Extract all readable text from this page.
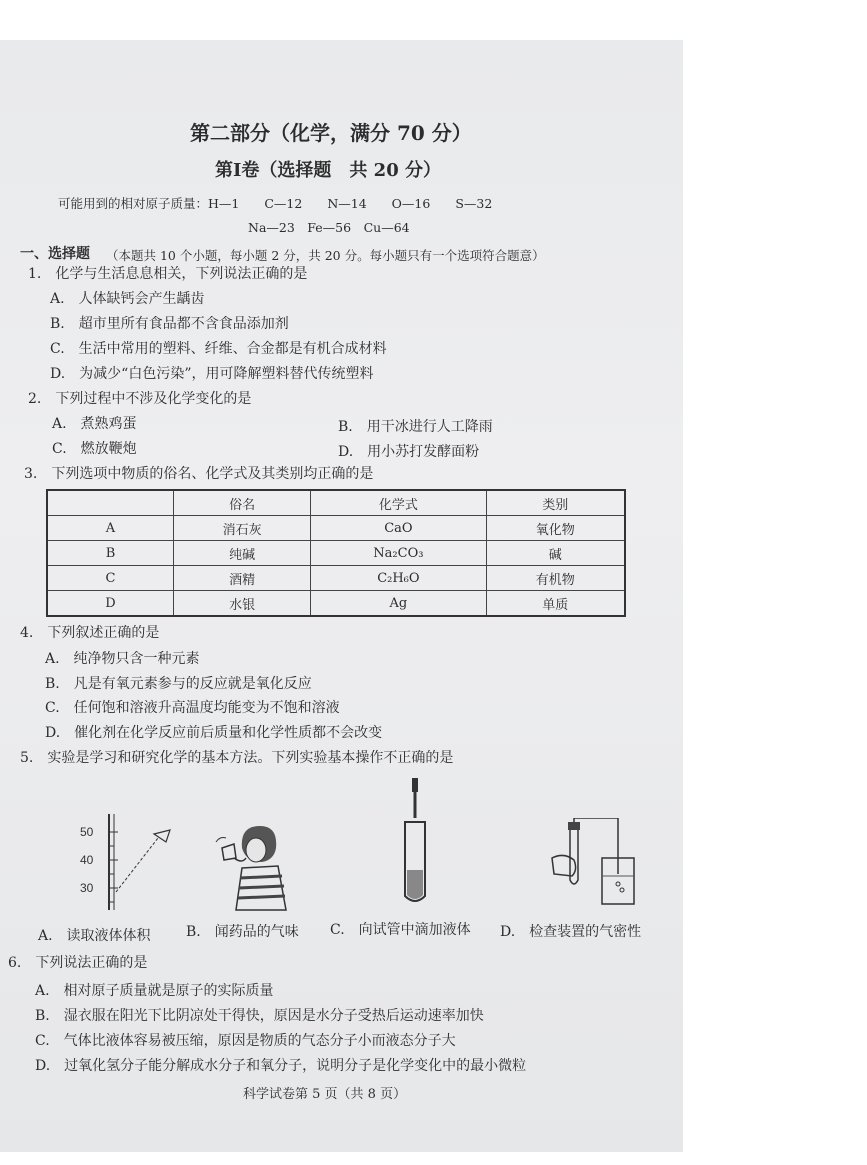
第二部分（化学，满分 70 分）
第Ⅰ卷（选择题　共 20 分）
可能用到的相对原子质量：H—1　　C—12　　N—14　　O—16　　S—32
Na—23　Fe—56　Cu—64
一、选择题 （本题共 10 个小题，每小题 2 分，共 20 分。每小题只有一个选项符合题意）
1.　化学与生活息息相关，下列说法正确的是
A.　人体缺钙会产生龋齿
B.　超市里所有食品都不含食品添加剂
C.　生活中常用的塑料、纤维、合金都是有机合成材料
D.　为减少“白色污染”，用可降解塑料替代传统塑料
2.　下列过程中不涉及化学变化的是
A.　煮熟鸡蛋	B.　用干冰进行人工降雨
C.　燃放鞭炮	D.　用小苏打发酵面粉
3.　下列选项中物质的俗名、化学式及其类别均正确的是
	俗名	化学式	类别
A	消石灰	CaO	氧化物
B	纯碱	Na₂CO₃	碱
C	酒精	C₂H₆O	有机物
D	水银	Ag	单质
4.　下列叙述正确的是
A.　纯净物只含一种元素
B.　凡是有氧元素参与的反应就是氧化反应
C.　任何饱和溶液升高温度均能变为不饱和溶液
D.　催化剂在化学反应前后质量和化学性质都不会改变
5.　实验是学习和研究化学的基本方法。下列实验基本操作不正确的是
50
40
30
A.　读取液体体积	B.　闻药品的气味 C.　向试管中滴加液体 D.　检查装置的气密性
6.　下列说法正确的是
A.　相对原子质量就是原子的实际质量
B.　湿衣服在阳光下比阴凉处干得快，原因是水分子受热后运动速率加快
C.　气体比液体容易被压缩，原因是物质的气态分子小而液态分子大
D.　过氧化氢分子能分解成水分子和氧分子，说明分子是化学变化中的最小微粒
科学试卷第 5 页（共 8 页）
